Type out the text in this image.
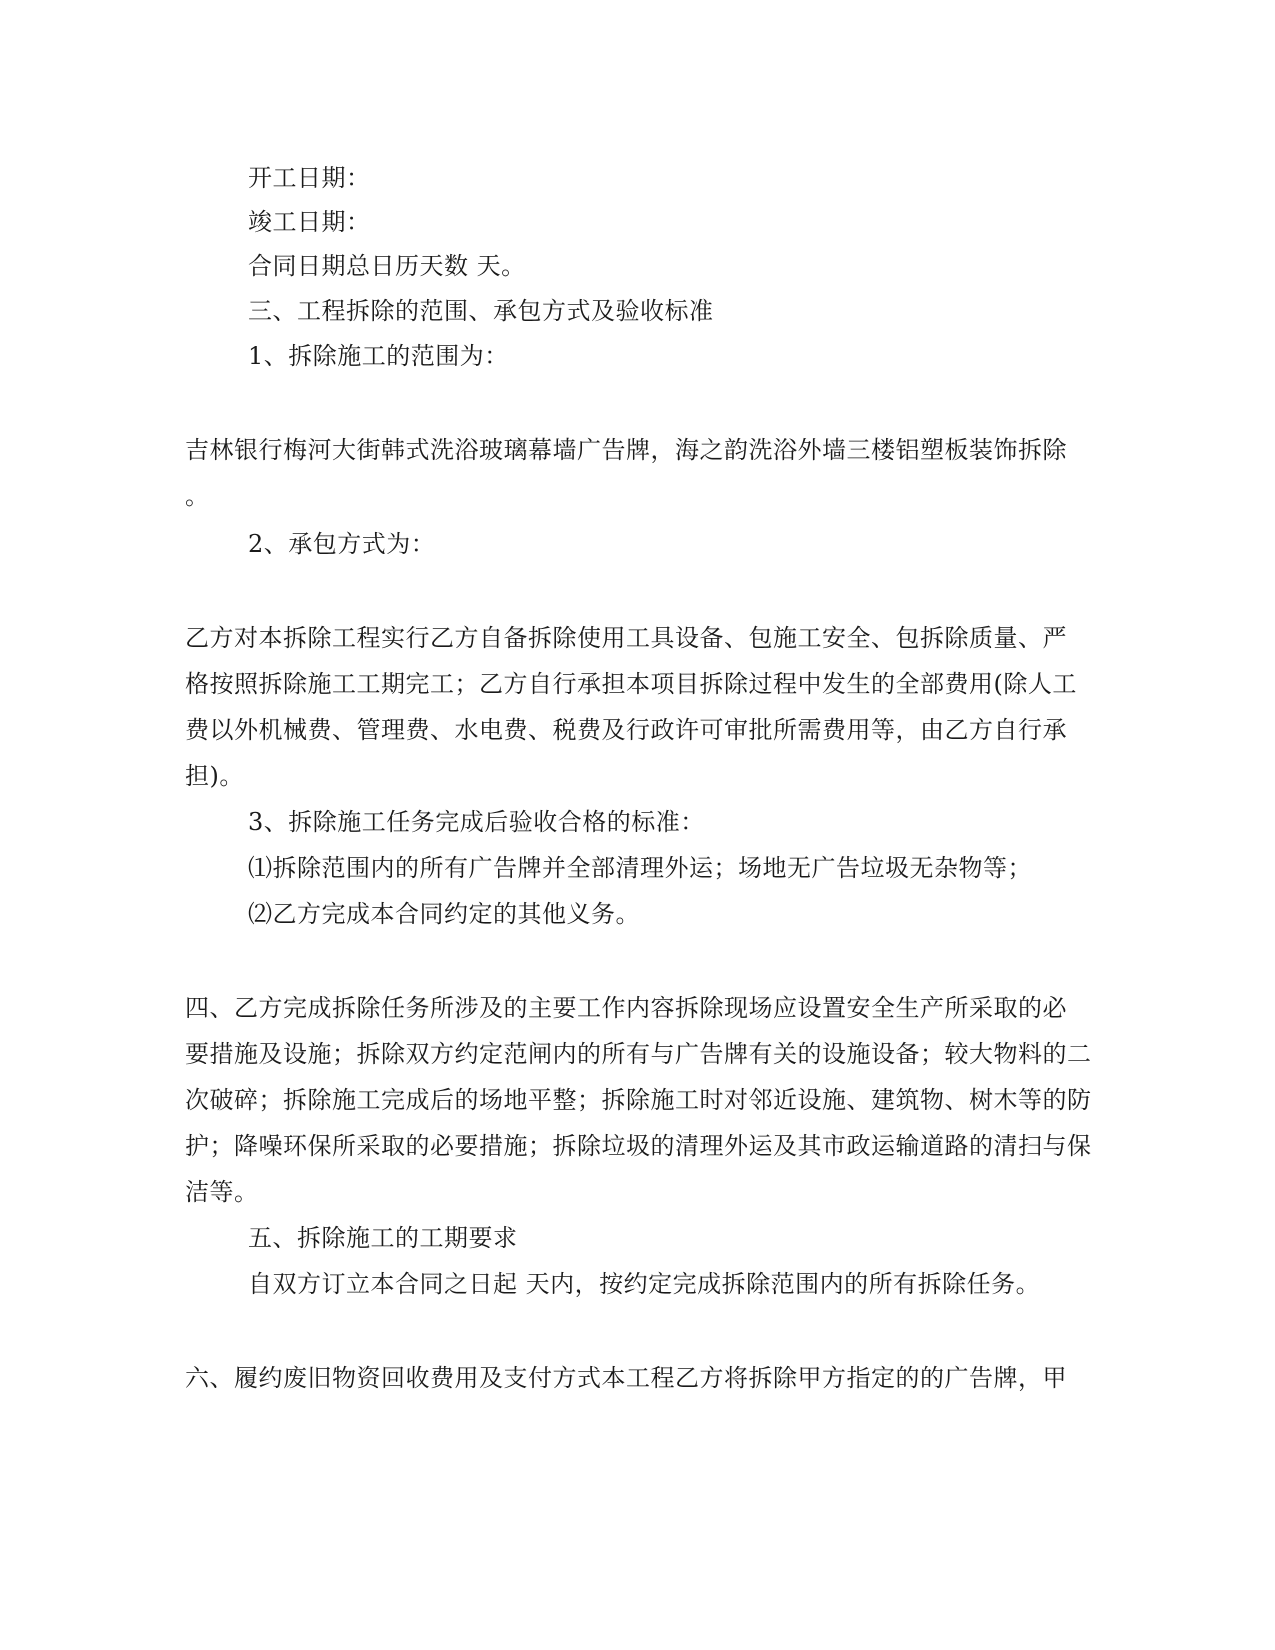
开工日期：
竣工日期：
合同日期总日历天数 天。
三、工程拆除的范围、承包方式及验收标准
1、拆除施工的范围为：
吉林银行梅河大街韩式洗浴玻璃幕墙广告牌，海之韵洗浴外墙三楼铝塑板装饰拆除
。
2、承包方式为：
乙方对本拆除工程实行乙方自备拆除使用工具设备、包施工安全、包拆除质量、严
格按照拆除施工工期完工；乙方自行承担本项目拆除过程中发生的全部费用(除人工
费以外机械费、管理费、水电费、税费及行政许可审批所需费用等，由乙方自行承
担)。
3、拆除施工任务完成后验收合格的标准：
⑴拆除范围内的所有广告牌并全部清理外运；场地无广告垃圾无杂物等；
⑵乙方完成本合同约定的其他义务。
四、乙方完成拆除任务所涉及的主要工作内容拆除现场应设置安全生产所采取的必
要措施及设施；拆除双方约定范闸内的所有与广告牌有关的设施设备；较大物料的二
次破碎；拆除施工完成后的场地平整；拆除施工时对邻近设施、建筑物、树木等的防
护；降噪环保所采取的必要措施；拆除垃圾的清理外运及其市政运输道路的清扫与保
洁等。
五、拆除施工的工期要求
自双方订立本合同之日起 天内，按约定完成拆除范围内的所有拆除任务。
六、履约废旧物资回收费用及支付方式本工程乙方将拆除甲方指定的的广告牌，甲
